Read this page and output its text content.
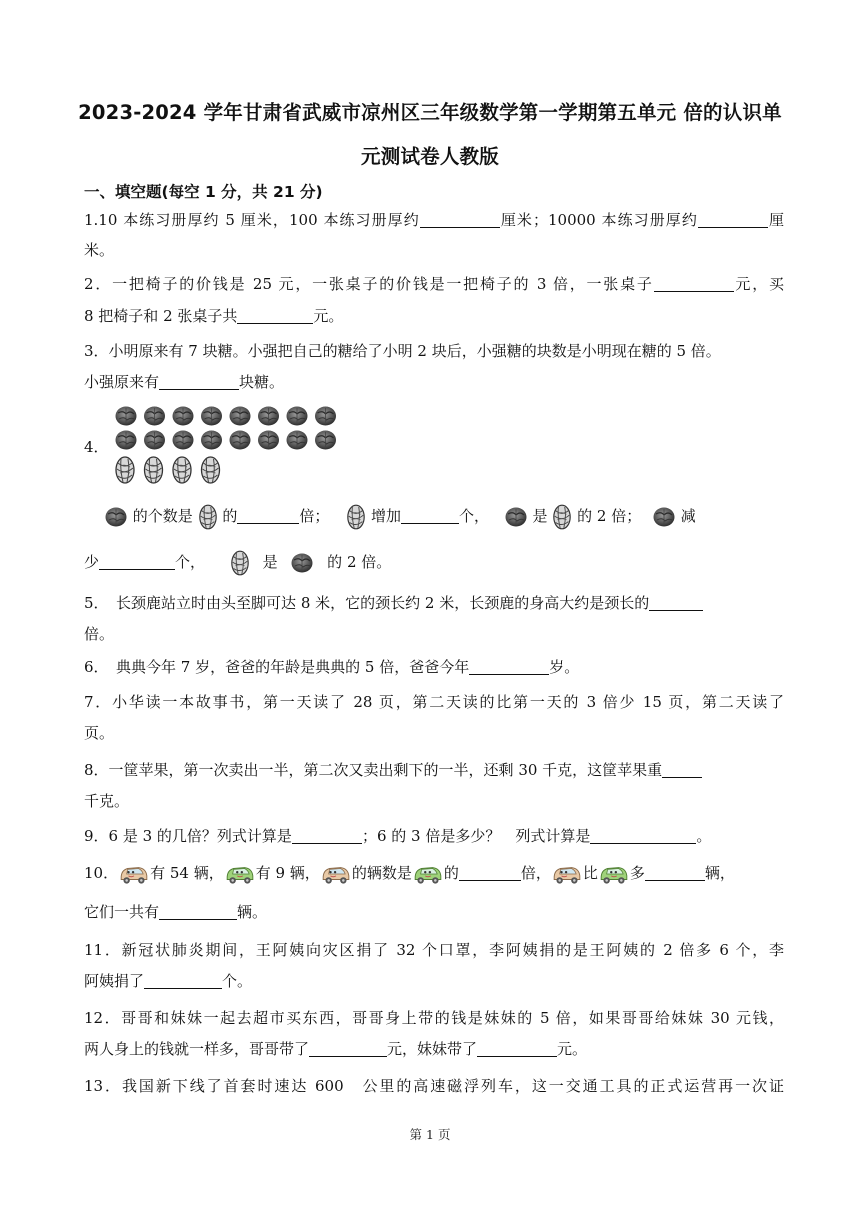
2023-2024 学年甘肃省武威市凉州区三年级数学第一学期第五单元 倍的认识单
元测试卷人教版
一、填空题(每空 1 分，共 21 分)
1.10 本练习册厚约 5 厘米，100 本练习册厚约	厘米；10000 本练习册厚约	厘
米。
2．一把椅子的价钱是 25 元，一张桌子的价钱是一把椅子的 3 倍，一张桌子	元，买
8 把椅子和 2 张桌子共	元。
3．小明原来有 7 块糖。小强把自己的糖给了小明 2 块后，小强糖的块数是小明现在糖的 5 倍。
小强原来有	块糖。
4．
的个数是 的	倍；	增加	个，	是 的 2 倍；	减
少	个，	是	的 2 倍。
5．　长颈鹿站立时由头至脚可达 8 米，它的颈长约 2 米，长颈鹿的身高大约是颈长的
倍。
6．　典典今年 7 岁，爸爸的年龄是典典的 5 倍，爸爸今年	岁。
7．小华读一本故事书，第一天读了 28 页，第二天读的比第一天的 3 倍少 15 页，第二天读了
页。
8．一筐苹果，第一次卖出一半，第二次又卖出剩下的一半，还剩 30 千克，这筐苹果重
千克。
9．6 是 3 的几倍？列式计算是	；6 的 3 倍是多少？　列式计算是	。
10． 有 54 辆， 有 9 辆， 的辆数是 的	倍， 比 多	辆，
它们一共有	辆。
11．新冠状肺炎期间，王阿姨向灾区捐了 32 个口罩，李阿姨捐的是王阿姨的 2 倍多 6 个，李
阿姨捐了	个。
12．哥哥和妹妹一起去超市买东西，哥哥身上带的钱是妹妹的 5 倍，如果哥哥给妹妹 30 元钱，
两人身上的钱就一样多，哥哥带了	元，妹妹带了	元。
13．我国新下线了首套时速达 600　公里的高速磁浮列车，这一交通工具的正式运营再一次证
第 1 页
